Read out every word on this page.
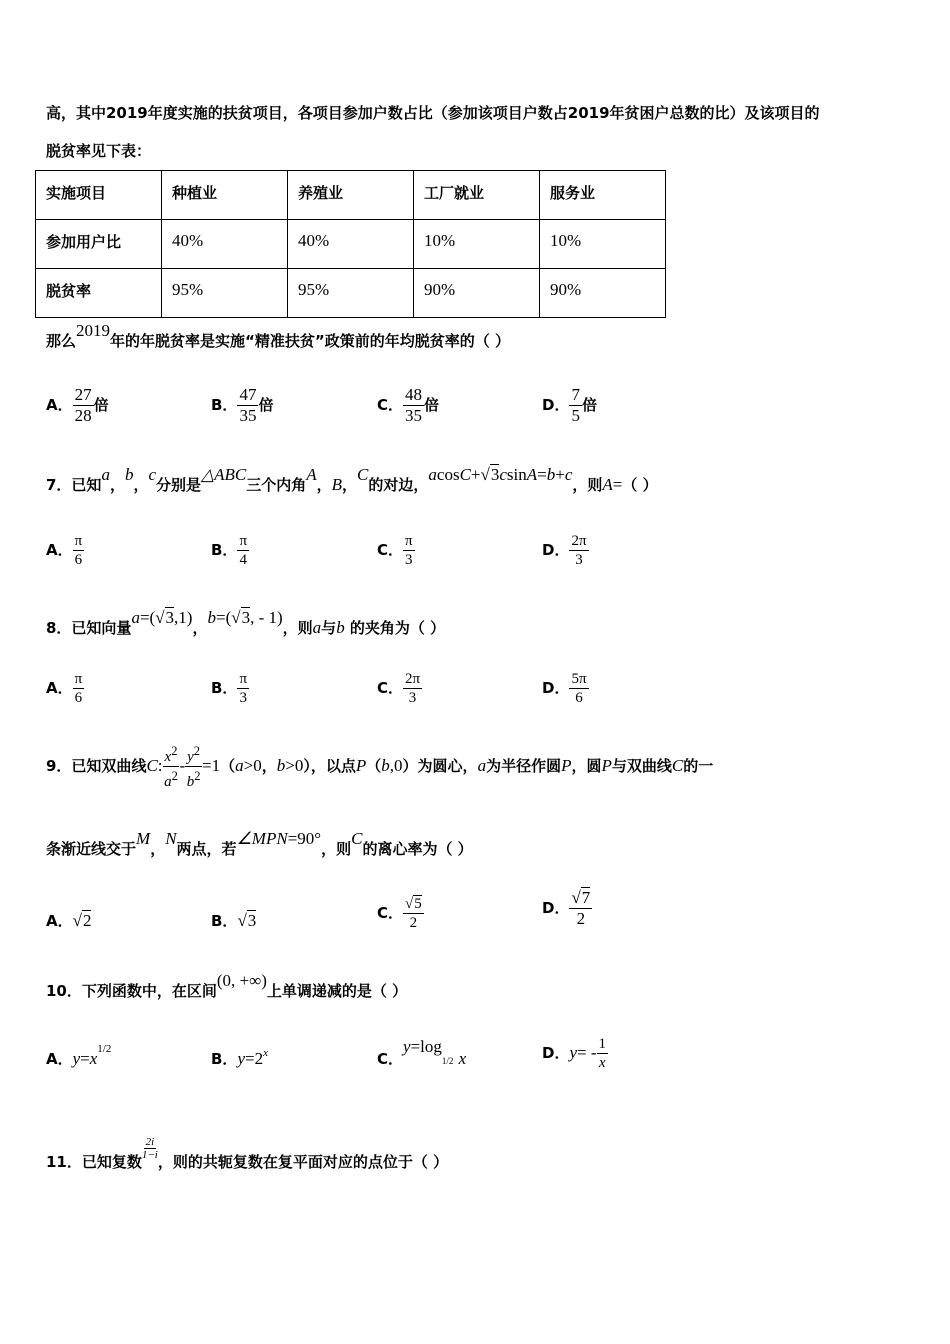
高，其中2019年度实施的扶贫项目，各项目参加户数占比（参加该项目户数占2019年贫困户总数的比）及该项目的
脱贫率见下表：
实施项目	种植业	养殖业	工厂就业	服务业

参加用户比	40%	40%	10%	10%

脱贫率	95%	95%	90%	90%
那么2019年的年脱贫率是实施“精准扶贫”政策前的年均脱贫率的（ ）
A． $\frac{27}{28}$ 倍	B． $\frac{47}{35}$ 倍	C． $\frac{48}{35}$ 倍	D． $\frac{7}{5}$ 倍
7．已知a，b，c分别是△ABC三个内角A，B，C的对边，acosC+√3csinA=b+c，则A=（ ）
A． $\frac{\pi}{6}$	B． $\frac{\pi}{4}$	C． $\frac{\pi}{3}$	D． $\frac{2\pi}{3}$
8．已知向量a=(√3,1)，b=(√3, - 1)，则a与b 的夹角为（ ）
A． $\frac{\pi}{6}$	B． $\frac{\pi}{3}$	C． $\frac{2\pi}{3}$	D． $\frac{5\pi}{6}$
9．已知双曲线C: $\frac{x^2}{a^2} - \frac{y^2}{b^2} =1(a>0$，b>0），以点P（b,0）为圆心，a为半径作圆P，圆P与双曲线C的一
条渐近线交于M，N两点，若∠MPN=90°，则C的离心率为（ ）
A．√2	B．√3	C． $\frac{√5}{2}$	D． $\frac{√7}{2}$
10．下列函数中，在区间(0, +∞)上单调递减的是（ ）
A．$y=x^{1/2}$
B．$y=2^x$	C．y=log1/2 x	D．$y= - \frac{1}{x}$
11．已知复数
$\frac{2i}{1-i}$
，则的共轭复数在复平面对应的点位于（ ）
